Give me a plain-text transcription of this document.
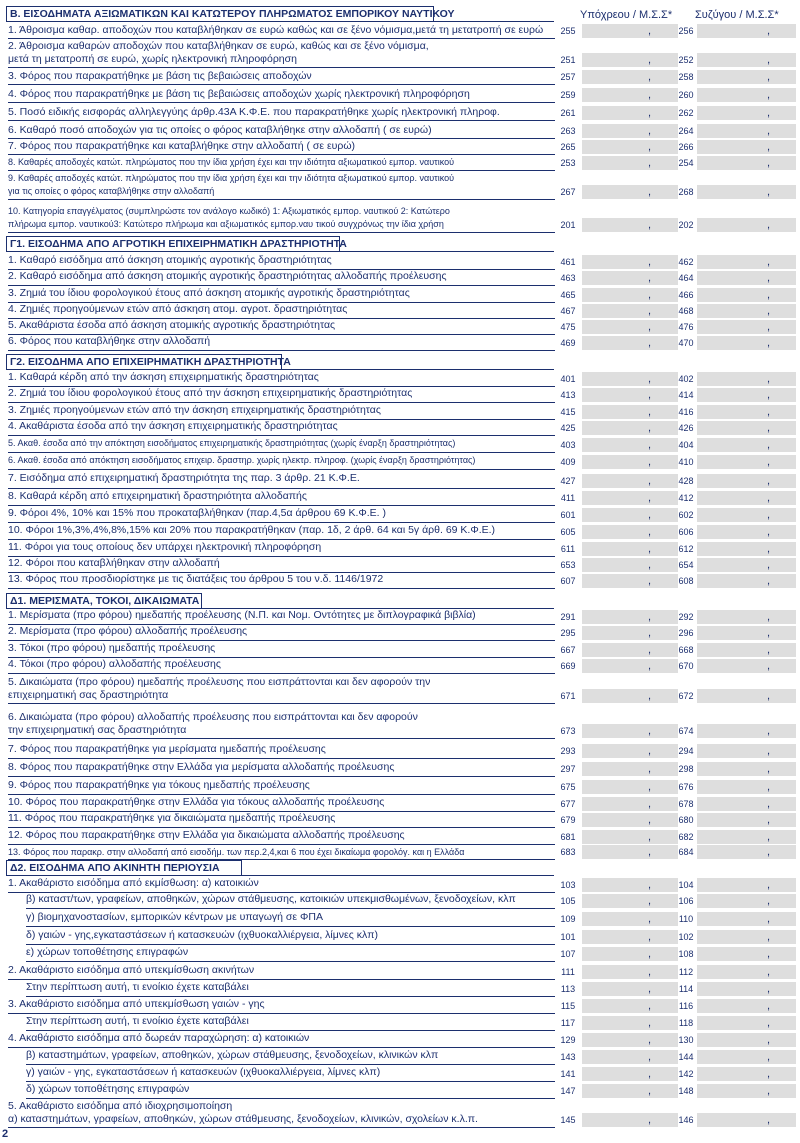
Υπόχρεου / Μ.Σ.Σ* Συζύγου / Μ.Σ.Σ*
Β. ΕΙΣΟΔΗΜΑΤΑ ΑΞΙΩΜΑΤΙΚΩΝ ΚΑΙ ΚΑΤΩΤΕΡΟΥ ΠΛΗΡΩΜΑΤΟΣ ΕΜΠΟΡΙΚΟΥ ΝΑΥΤΙΚΟΥ
1. Άθροισμα καθαρ. αποδοχών που καταβλήθηκαν σε ευρώ καθώς και σε ξένο νόμισμα,μετά τη μετατροπή σε ευρώ	255	,	256	,
2. Άθροισμα καθαρών αποδοχών που καταβλήθηκαν σε ευρώ, καθώς και σε ξένο νόμισμα,
μετά τη μετατροπή σε ευρώ, χωρίς ηλεκτρονική πληροφόρηση	251	,	252	,
3. Φόρος που παρακρατήθηκε με βάση τις βεβαιώσεις αποδοχών	257	,	258	,
4. Φόρος που παρακρατήθηκε με βάση τις βεβαιώσεις αποδοχών χωρίς ηλεκτρονική πληροφόρηση	259	,	260	,
5. Ποσό ειδικής εισφοράς αλληλεγγύης άρθρ.43Α Κ.Φ.Ε. που παρακρατήθηκε χωρίς ηλεκτρονική πληροφ.	261	,	262	,
6. Καθαρό ποσό αποδοχών για τις οποίες ο φόρος καταβλήθηκε στην αλλοδαπή ( σε ευρώ)	263	,	264	,
7. Φόρος που παρακρατήθηκε και καταβλήθηκε στην αλλοδαπή ( σε ευρώ)	265	,	266	,
8. Καθαρές αποδοχές κατώτ. πληρώματος που την ίδια χρήση έχει και την ιδιότητα αξιωματικού εμπορ. ναυτικού	253	,	254	,
9. Καθαρές αποδοχές κατώτ. πληρώματος που την ίδια χρήση έχει και την ιδιότητα αξιωματικού εμπορ. ναυτικού
για τις οποίες ο φόρος καταβλήθηκε στην αλλοδαπή	267	,	268	,
10. Κατηγορία επαγγέλματος (συμπληρώστε τον ανάλογο κωδικό) 1: Αξιωματικός εμπορ. ναυτικού 2: Κατώτερο
πλήρωμα εμπορ. ναυτικού3: Κατώτερο πλήρωμα και αξιωματικός εμπορ.ναυ τικού συγχρόνως την ίδια χρήση	201	,	202	,
Γ1. ΕΙΣΟΔΗΜΑ ΑΠΟ ΑΓΡΟΤΙΚΗ ΕΠΙΧΕΙΡΗΜΑΤΙΚΗ ΔΡΑΣΤΗΡΙΟΤΗΤΑ
1. Καθαρό εισόδημα από άσκηση ατομικής αγροτικής δραστηριότητας	461	,	462	,
2. Καθαρό εισόδημα από άσκηση ατομικής αγροτικής δραστηριότητας αλλοδαπής προέλευσης	463	,	464	,
3. Ζημιά του ίδιου φορολογικού έτους από άσκηση ατομικής αγροτικής δραστηριότητας	465	,	466	,
4. Ζημιές προηγούμενων ετών από άσκηση ατομ. αγροτ. δραστηριότητας	467	,	468	,
5. Ακαθάριστα έσοδα από άσκηση ατομικής αγροτικής δραστηριότητας	475	,	476	,
6. Φόρος που καταβλήθηκε στην αλλοδαπή	469	,	470	,
Γ2. ΕΙΣΟΔΗΜΑ ΑΠΟ ΕΠΙΧΕΙΡΗΜΑΤΙΚΗ ΔΡΑΣΤΗΡΙΟΤΗΤΑ
1. Καθαρά κέρδη από την άσκηση επιχειρηματικής δραστηριότητας	401	,	402	,
2. Ζημιά του ίδιου φορολογικού έτους από την άσκηση επιχειρηματικής δραστηριότητας	413	,	414	,
3. Ζημιές προηγούμενων ετών από την άσκηση επιχειρηματικής δραστηριότητας	415	,	416	,
4. Ακαθάριστα έσοδα από την άσκηση επιχειρηματικής δραστηριότητας	425	,	426	,
5. Ακαθ. έσοδα από την απόκτηση εισοδήματος επιχειρηματικής δραστηριότητας (χωρίς έναρξη δραστηριότητας)	403	,	404	,
6. Ακαθ. έσοδα από απόκτηση εισοδήματος επιχειρ. δραστηρ. χωρίς ηλεκτρ. πληροφ. (χωρίς έναρξη δραστηριότητας)	409	,	410	,
7. Εισόδημα από επιχειρηματική δραστηριότητα της παρ. 3 άρθρ. 21 Κ.Φ.Ε.	427	,	428	,
8. Καθαρά κέρδη από επιχειρηματική δραστηριότητα αλλοδαπής	411	,	412	,
9. Φόροι 4%, 10% και 15% που προκαταβλήθηκαν (παρ.4,5α άρθρου 69 Κ.Φ.Ε. )	601	,	602	,
10. Φόροι 1%,3%,4%,8%,15% και 20% που παρακρατήθηκαν (παρ. 1δ, 2 άρθ. 64 και 5γ άρθ. 69 Κ.Φ.Ε.)	605	,	606	,
11. Φόροι για τους οποίους δεν υπάρχει ηλεκτρονική πληροφόρηση	611	,	612	,
12. Φόροι που καταβλήθηκαν στην αλλοδαπή	653	,	654	,
13. Φόρος που προσδιορίστηκε με τις διατάξεις του άρθρου 5 του ν.δ. 1146/1972	607	,	608	,
Δ1. ΜΕΡΙΣΜΑΤΑ, ΤΟΚΟΙ, ΔΙΚΑΙΩΜΑΤΑ
1. Μερίσματα (προ φόρου) ημεδαπής προέλευσης (Ν.Π. και Νομ. Οντότητες με διπλογραφικά βιβλία)	291	,	292	,
2. Μερίσματα (προ φόρου) αλλοδαπής προέλευσης	295	,	296	,
3. Τόκοι (προ φόρου) ημεδαπής προέλευσης	667	,	668	,
4. Τόκοι (προ φόρου) αλλοδαπής προέλευσης	669	,	670	,
5. Δικαιώματα (προ φόρου) ημεδαπής προέλευσης που εισπράττονται και δεν αφορούν την
επιχειρηματική σας δραστηριότητα	671	,	672	,
6. Δικαιώματα (προ φόρου) αλλοδαπής προέλευσης που εισπράττονται και δεν αφορούν
την επιχειρηματική σας δραστηριότητα	673	,	674	,
7. Φόρος που παρακρατήθηκε για μερίσματα ημεδαπής προέλευσης	293	,	294	,
8. Φόρος που παρακρατήθηκε στην Ελλάδα για μερίσματα αλλοδαπής προέλευσης	297	,	298	,
9. Φόρος που παρακρατήθηκε για τόκους ημεδαπής προέλευσης	675	,	676	,
10. Φόρος που παρακρατήθηκε στην Ελλάδα για τόκους αλλοδαπής προέλευσης	677	,	678	,
11. Φόρος που παρακρατήθηκε για δικαιώματα ημεδαπής προέλευσης	679	,	680	,
12. Φόρος που παρακρατήθηκε στην Ελλάδα για δικαιώματα αλλοδαπής προέλευσης	681	,	682	,
13. Φόρος που παρακρ. στην αλλοδαπή από εισοδήμ. των περ.2,4,και 6 που έχει δικαίωμα φορολόγ. και η Ελλάδα	683	,	684	,
Δ2. ΕΙΣΟΔΗΜΑ ΑΠΟ ΑΚΙΝΗΤΗ ΠΕΡΙΟΥΣΙΑ
1. Ακαθάριστο εισόδημα από εκμίσθωση: α) κατοικιών	103	,	104	,
β) καταστ/των, γραφείων, αποθηκών, χώρων στάθμευσης, κατοικιών υπεκμισθωμένων, ξενοδοχείων, κλπ	105	,	106	,
γ) βιομηχανοστασίων, εμπορικών κέντρων με υπαγωγή σε ΦΠΑ	109	,	110	,
δ) γαιών - γης,εγκαταστάσεων ή κατασκευών (ιχθυοκαλλιέργεια, λίμνες κλπ)	101	,	102	,
ε) χώρων τοποθέτησης επιγραφών	107	,	108	,
2. Ακαθάριστο εισόδημα από υπεκμίσθωση ακινήτων	111	,	112	,
Στην περίπτωση αυτή, τι ενοίκιο έχετε καταβάλει	113	,	114	,
3. Ακαθάριστο εισόδημα από υπεκμίσθωση γαιών - γης	115	,	116	,
Στην περίπτωση αυτή, τι ενοίκιο έχετε καταβάλει	117	,	118	,
4. Ακαθάριστο εισόδημα από δωρεάν παραχώρηση: α) κατοικιών	129	,	130	,
β) καταστημάτων, γραφείων, αποθηκών, χώρων στάθμευσης, ξενοδοχείων, κλινικών κλπ	143	,	144	,
γ) γαιών - γης, εγκαταστάσεων ή κατασκευών (ιχθυοκαλλιέργεια, λίμνες κλπ)	141	,	142	,
δ) χώρων τοποθέτησης επιγραφών	147	,	148	,
5. Ακαθάριστο εισόδημα από ιδιοχρησιμοποίηση
α) καταστημάτων, γραφείων, αποθηκών, χώρων στάθμευσης, ξενοδοχείων, κλινικών, σχολείων κ.λ.π.	145	,	146	,
2
